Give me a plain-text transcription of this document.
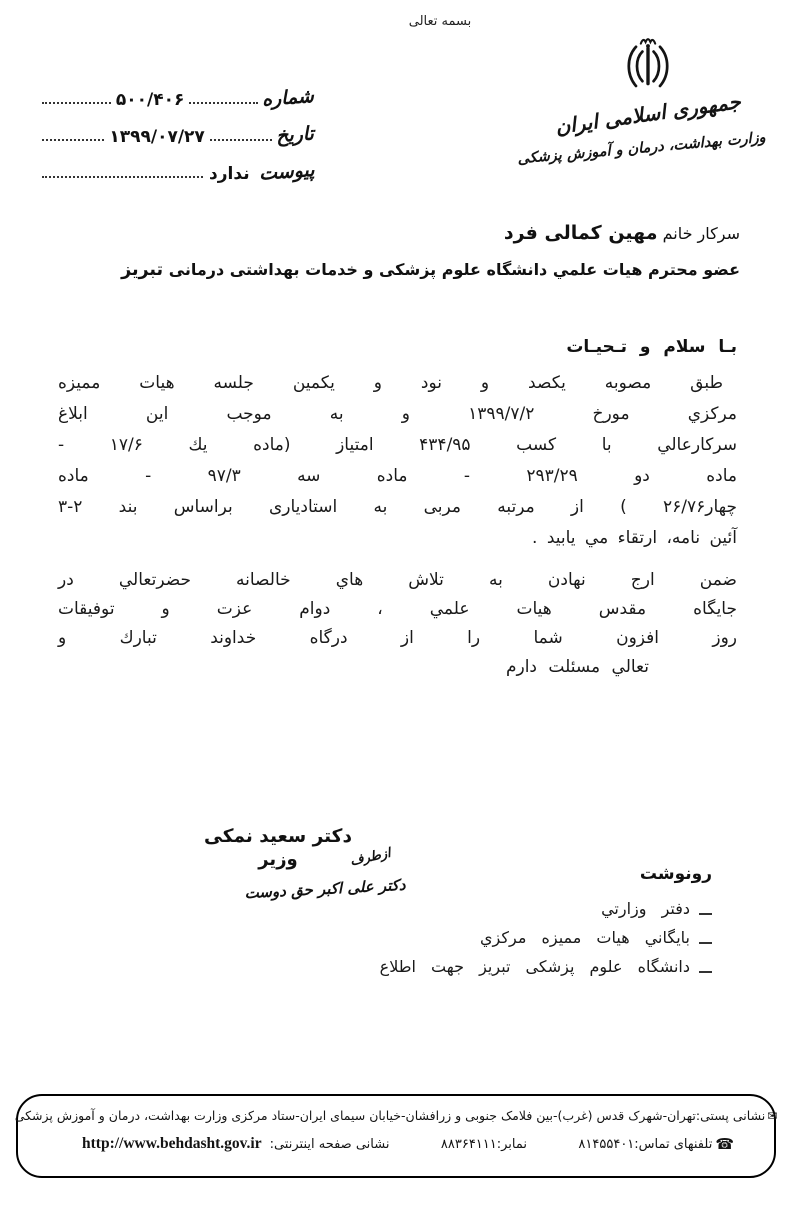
بسمه تعالی
جمهوری اسلامی ایران
وزارت بهداشت، درمان و آموزش پزشکی
شماره
۵۰۰/۴۰۶
تاریخ
۱۳۹۹/۰۷/۲۷
پیوست
ندارد
سرکار خانم مهین کمالی فرد
عضو محترم هیات علمي دانشگاه علوم پزشکی و خدمات بهداشتی درمانی تبریز
بـا سلام و تـحیـات
طبق مصوبه یکصد و نود و یکمین جلسه هیات ممیزه
مرکزي مورخ ۱۳۹۹/۷/۲ و به موجب این ابلاغ
سرکارعالي با کسب ۴۳۴/۹۵ امتیاز (ماده یك ۱۷/۶ -
ماده دو ۲۹۳/۲۹ - ماده سه ۹۷/۳ - ماده
چهار۲۶/۷۶ ) از مرتبه مربی به استادیاری براساس بند ‎۳-۲‎
آئین نامه، ارتقاء مي یابید .
ضمن ارج نهادن به تلاش هاي خالصانه حضرتعالي در
جایگاه مقدس هیات علمي ، دوام عزت و توفیقات
روز افزون شما را از درگاه خداوند تبارك و
تعالي مسئلت دارم
دکتر سعید نمکی
وزیر	ازطرف
دکتر علی اکبر حق دوست
رونوشت
دفتر وزارتي
بایگاني هیات ممیزه مرکزي
دانشگاه علوم پزشکی تبریز جهت اطلاع
✉
نشانی پستی:
تهران-شهرک قدس (غرب)-بین فلامک جنوبی و زرافشان-خیابان سیمای ایران-ستاد مرکزی وزارت بهداشت، درمان و آموزش پزشکی
☎
تلفنهای تماس:
۸۱۴۵۵۴۰۱
نمابر:
۸۸۳۶۴۱۱۱
نشانی صفحه اینترنتی:
http://www.behdasht.gov.ir
